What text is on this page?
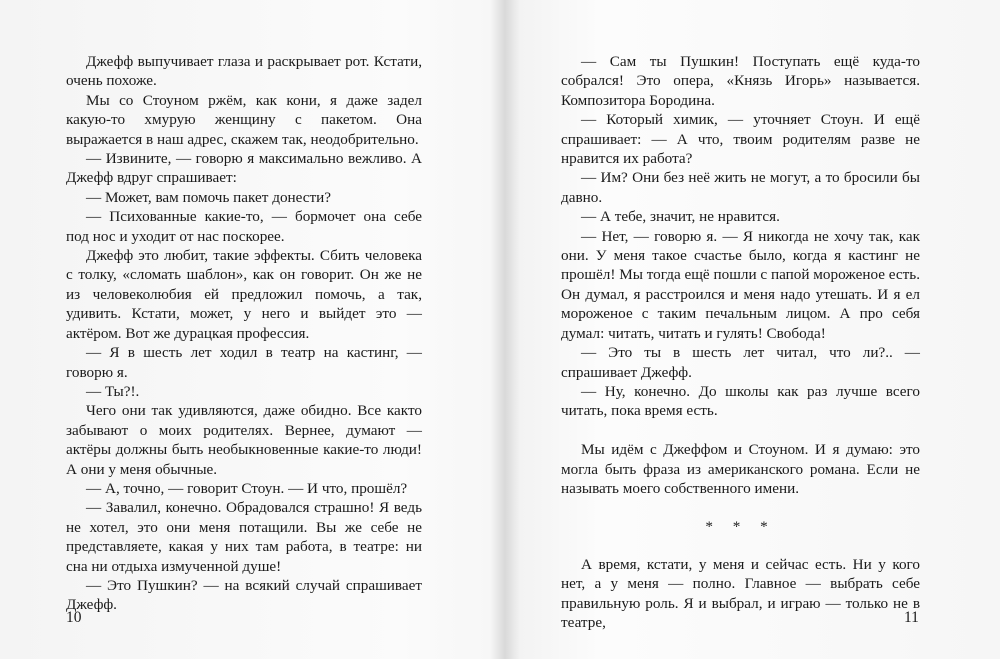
Джефф выпучивает глаза и раскрывает рот. Кстати, очень похоже.

Мы со Стоуном ржём, как кони, я даже задел какую-то хмурую женщину с пакетом. Она выражается в наш адрес, скажем так, неодобрительно.

— Извините, — говорю я максимально вежливо. А Джефф вдруг спрашивает:

— Может, вам помочь пакет донести?

— Психованные какие-то, — бормочет она себе под нос и уходит от нас поскорее.

Джефф это любит, такие эффекты. Сбить человека с толку, «сломать шаблон», как он говорит. Он же не из человеколюбия ей предложил помочь, а так, удивить. Кстати, может, у него и выйдет это — актёром. Вот же дурацкая профессия.

— Я в шесть лет ходил в театр на кастинг, — говорю я.

— Ты?!.

Чего они так удивляются, даже обидно. Все както забывают о моих родителях. Вернее, думают — актёры должны быть необыкновенные какие-то люди! А они у меня обычные.

— А, точно, — говорит Стоун. — И что, прошёл?

— Завалил, конечно. Обрадовался страшно! Я ведь не хотел, это они меня потащили. Вы же себе не представляете, какая у них там работа, в театре: ни сна ни отдыха измученной душе!

— Это Пушкин? — на всякий случай спрашивает Джефф.

— Сам ты Пушкин! Поступать ещё куда-то собрался! Это опера, «Князь Игорь» называется. Композитора Бородина.

— Который химик, — уточняет Стоун. И ещё спрашивает: — А что, твоим родителям разве не нравится их работа?

— Им? Они без неё жить не могут, а то бросили бы давно.

— А тебе, значит, не нравится.

— Нет, — говорю я. — Я никогда не хочу так, как они. У меня такое счастье было, когда я кастинг не прошёл! Мы тогда ещё пошли с папой мороженое есть. Он думал, я расстроился и меня надо утешать. И я ел мороженое с таким печальным лицом. А про себя думал: читать, читать и гулять! Свобода!

— Это ты в шесть лет читал, что ли?.. — спрашивает Джефф.

— Ну, конечно. До школы как раз лучше всего читать, пока время есть.

Мы идём с Джеффом и Стоуном. И я думаю: это могла быть фраза из американского романа. Если не называть моего собственного имени.

* * *

А время, кстати, у меня и сейчас есть. Ни у кого нет, а у меня — полно. Главное — выбрать себе правильную роль. Я и выбрал, и играю — только не в театре,

10	11
